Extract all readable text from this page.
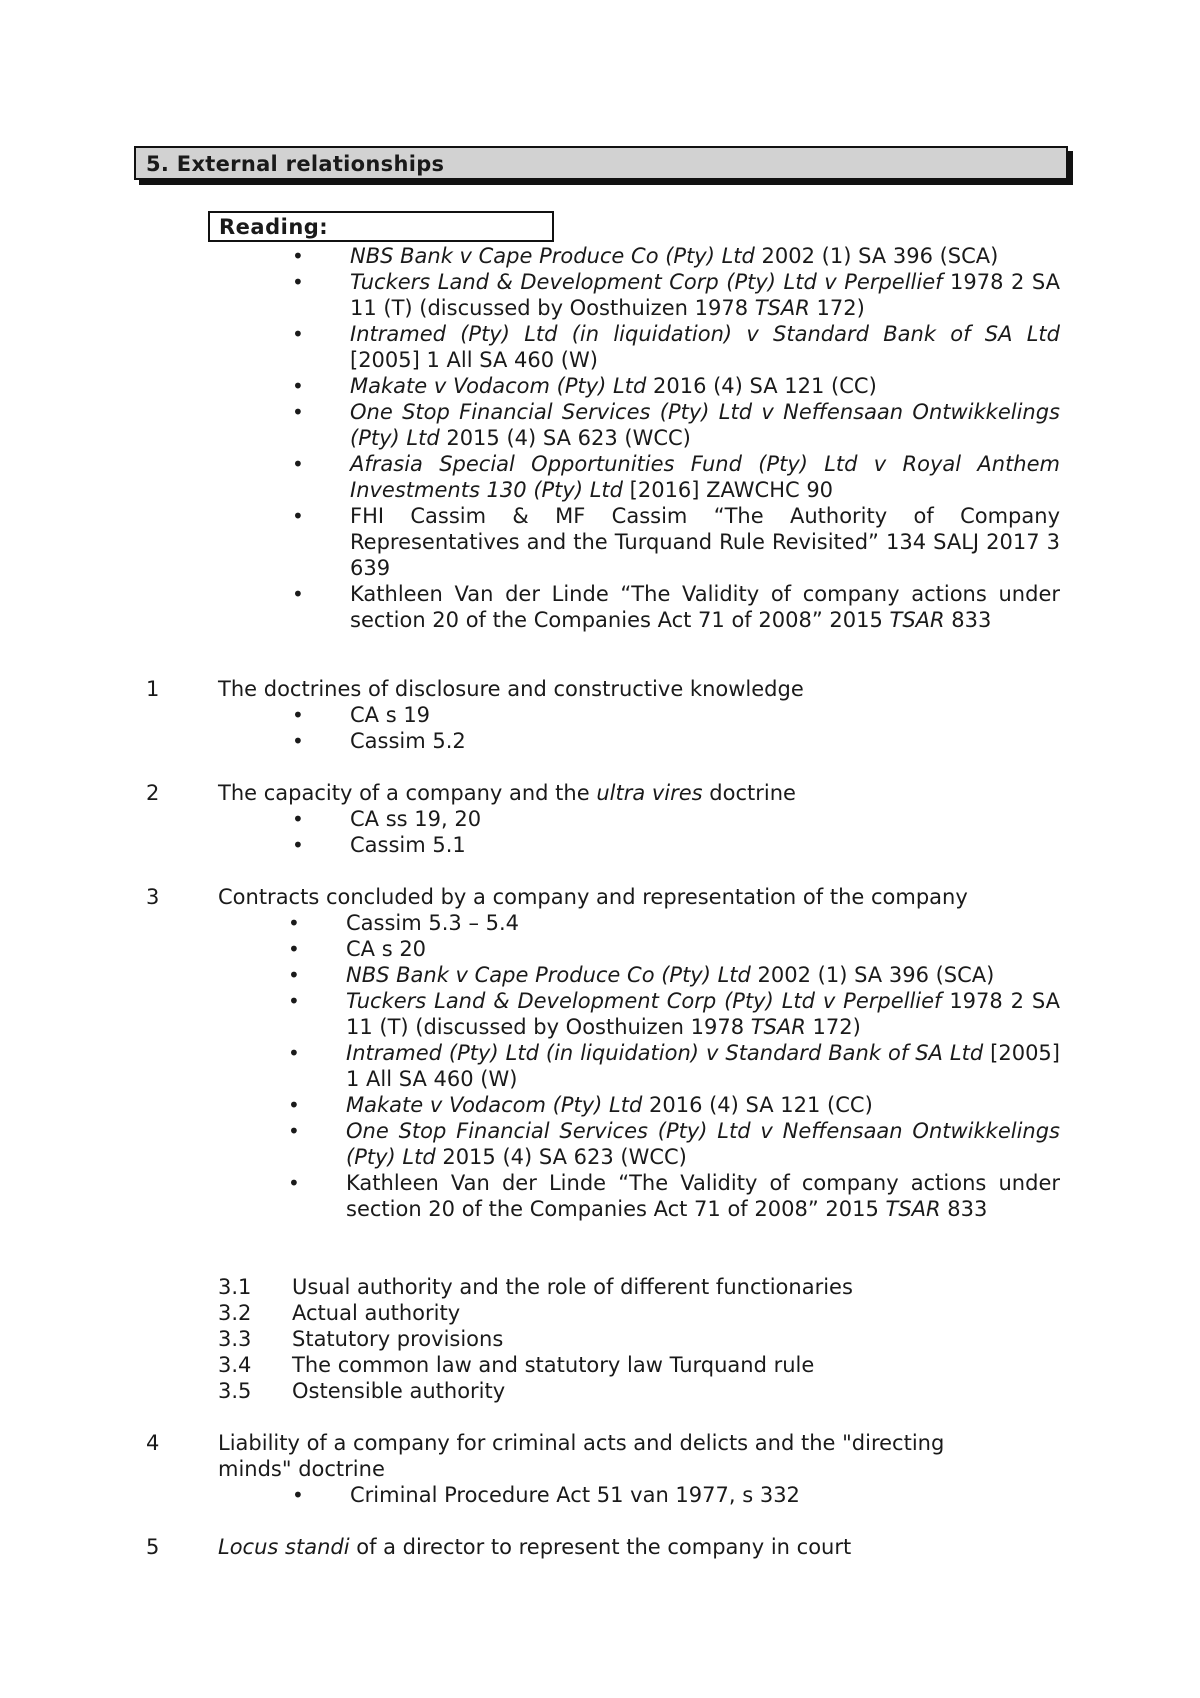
5. External relationships
Reading:
• NBS Bank v Cape Produce Co (Pty) Ltd 2002 (1) SA 396 (SCA)
• Tuckers Land & Development Corp (Pty) Ltd v Perpellief 1978 2 SA 11 (T) (discussed by Oosthuizen 1978 TSAR 172)
• Intramed (Pty) Ltd (in liquidation) v Standard Bank of SA Ltd [2005] 1 All SA 460 (W)
• Makate v Vodacom (Pty) Ltd 2016 (4) SA 121 (CC)
• One Stop Financial Services (Pty) Ltd v Neffensaan Ontwikkelings (Pty) Ltd 2015 (4) SA 623 (WCC)
• Afrasia Special Opportunities Fund (Pty) Ltd v Royal Anthem Investments 130 (Pty) Ltd [2016] ZAWCHC 90
• FHI Cassim & MF Cassim “The Authority of Company Representatives and the Turquand Rule Revisited” 134 SALJ 2017 3 639
• Kathleen Van der Linde “The Validity of company actions under section 20 of the Companies Act 71 of 2008” 2015 TSAR 833
1	The doctrines of disclosure and constructive knowledge
• CA s 19
• Cassim 5.2
2	The capacity of a company and the ultra vires doctrine
• CA ss 19, 20
• Cassim 5.1
3	Contracts concluded by a company and representation of the company
• Cassim 5.3 – 5.4
• CA s 20
• NBS Bank v Cape Produce Co (Pty) Ltd 2002 (1) SA 396 (SCA)
• Tuckers Land & Development Corp (Pty) Ltd v Perpellief 1978 2 SA 11 (T) (discussed by Oosthuizen 1978 TSAR 172)
• Intramed (Pty) Ltd (in liquidation) v Standard Bank of SA Ltd [2005] 1 All SA 460 (W)
• Makate v Vodacom (Pty) Ltd 2016 (4) SA 121 (CC)
• One Stop Financial Services (Pty) Ltd v Neffensaan Ontwikkelings (Pty) Ltd 2015 (4) SA 623 (WCC)
• Kathleen Van der Linde “The Validity of company actions under section 20 of the Companies Act 71 of 2008” 2015 TSAR 833
3.1 Usual authority and the role of different functionaries
3.2 Actual authority
3.3 Statutory provisions
3.4 The common law and statutory law Turquand rule
3.5 Ostensible authority
4	Liability of a company for criminal acts and delicts and the "directing minds" doctrine
• Criminal Procedure Act 51 van 1977, s 332
5	Locus standi of a director to represent the company in court
